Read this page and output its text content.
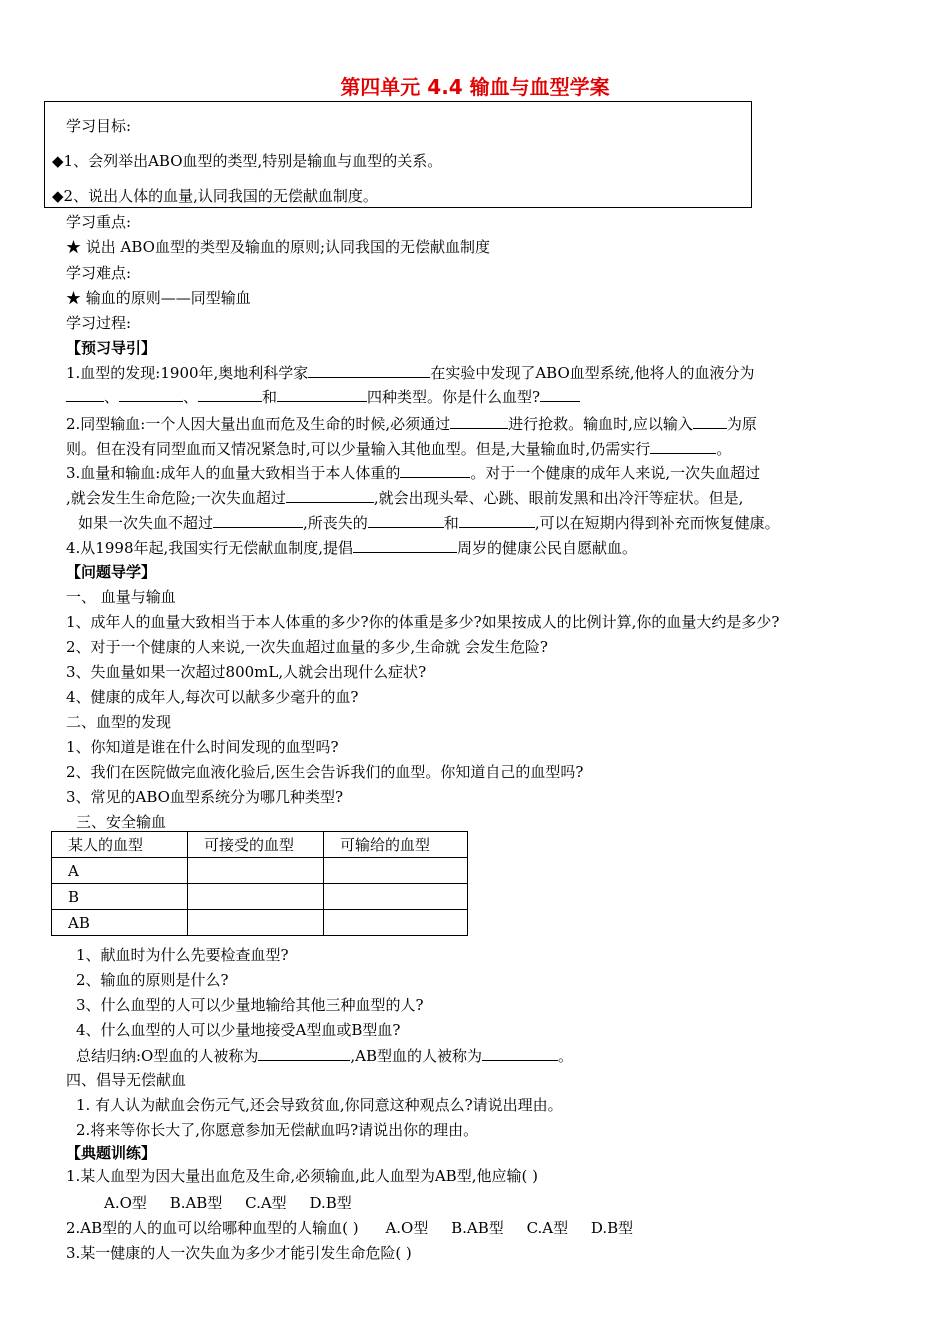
第四单元 4.4 输血与血型学案
学习目标:
◆1、会列举出ABO血型的类型,特别是输血与血型的关系。
◆2、说出人体的血量,认同我国的无偿献血制度。
学习重点:
★ 说出 ABO血型的类型及输血的原则;认同我国的无偿献血制度
学习难点:
★ 输血的原则——同型输血
学习过程:
【预习导引】
1.血型的发现:1900年,奥地利科学家	在实验中发现了ABO血型系统,他将人的血液分为
、	、	和	四种类型。你是什么血型?
2.同型输血:一个人因大量出血而危及生命的时候,必须通过	进行抢救。输血时,应以输入 为原
则。但在没有同型血而又情况紧急时,可以少量输入其他血型。但是,大量输血时,仍需实行	。
3.血量和输血:成年人的血量大致相当于本人体重的	。对于一个健康的成年人来说,一次失血超过
,就会发生生命危险;一次失血超过	,就会出现头晕、心跳、眼前发黑和出冷汗等症状。但是,
如果一次失血不超过	,所丧失的	和	,可以在短期内得到补充而恢复健康。
4.从1998年起,我国实行无偿献血制度,提倡	周岁的健康公民自愿献血。
【问题导学】
一、 血量与输血
1、成年人的血量大致相当于本人体重的多少?你的体重是多少?如果按成人的比例计算,你的血量大约是多少?
2、对于一个健康的人来说,一次失血超过血量的多少,生命就 会发生危险?
3、失血量如果一次超过800mL,人就会出现什么症状?
4、健康的成年人,每次可以献多少毫升的血?
二、血型的发现
1、你知道是谁在什么时间发现的血型吗?
2、我们在医院做完血液化验后,医生会告诉我们的血型。你知道自己的血型吗?
3、常见的ABO血型系统分为哪几种类型?
三、安全输血
某人的血型	可接受的血型	可输给的血型
A		
B		
AB		
1、献血时为什么先要检查血型?
2、输血的原则是什么?
3、什么血型的人可以少量地输给其他三种血型的人?
4、什么血型的人可以少量地接受A型血或B型血?
总结归纳:O型血的人被称为	,AB型血的人被称为	。
四、倡导无偿献血
1. 有人认为献血会伤元气,还会导致贫血,你同意这种观点么?请说出理由。
2.将来等你长大了,你愿意参加无偿献血吗?请说出你的理由。
【典题训练】
1.某人血型为因大量出血危及生命,必须输血,此人血型为AB型,他应输( )
A.O型 B.AB型 C.A型 D.B型
2.AB型的人的血可以给哪种血型的人输血( ) A.O型 B.AB型 C.A型 D.B型
3.某一健康的人一次失血为多少才能引发生命危险( )
